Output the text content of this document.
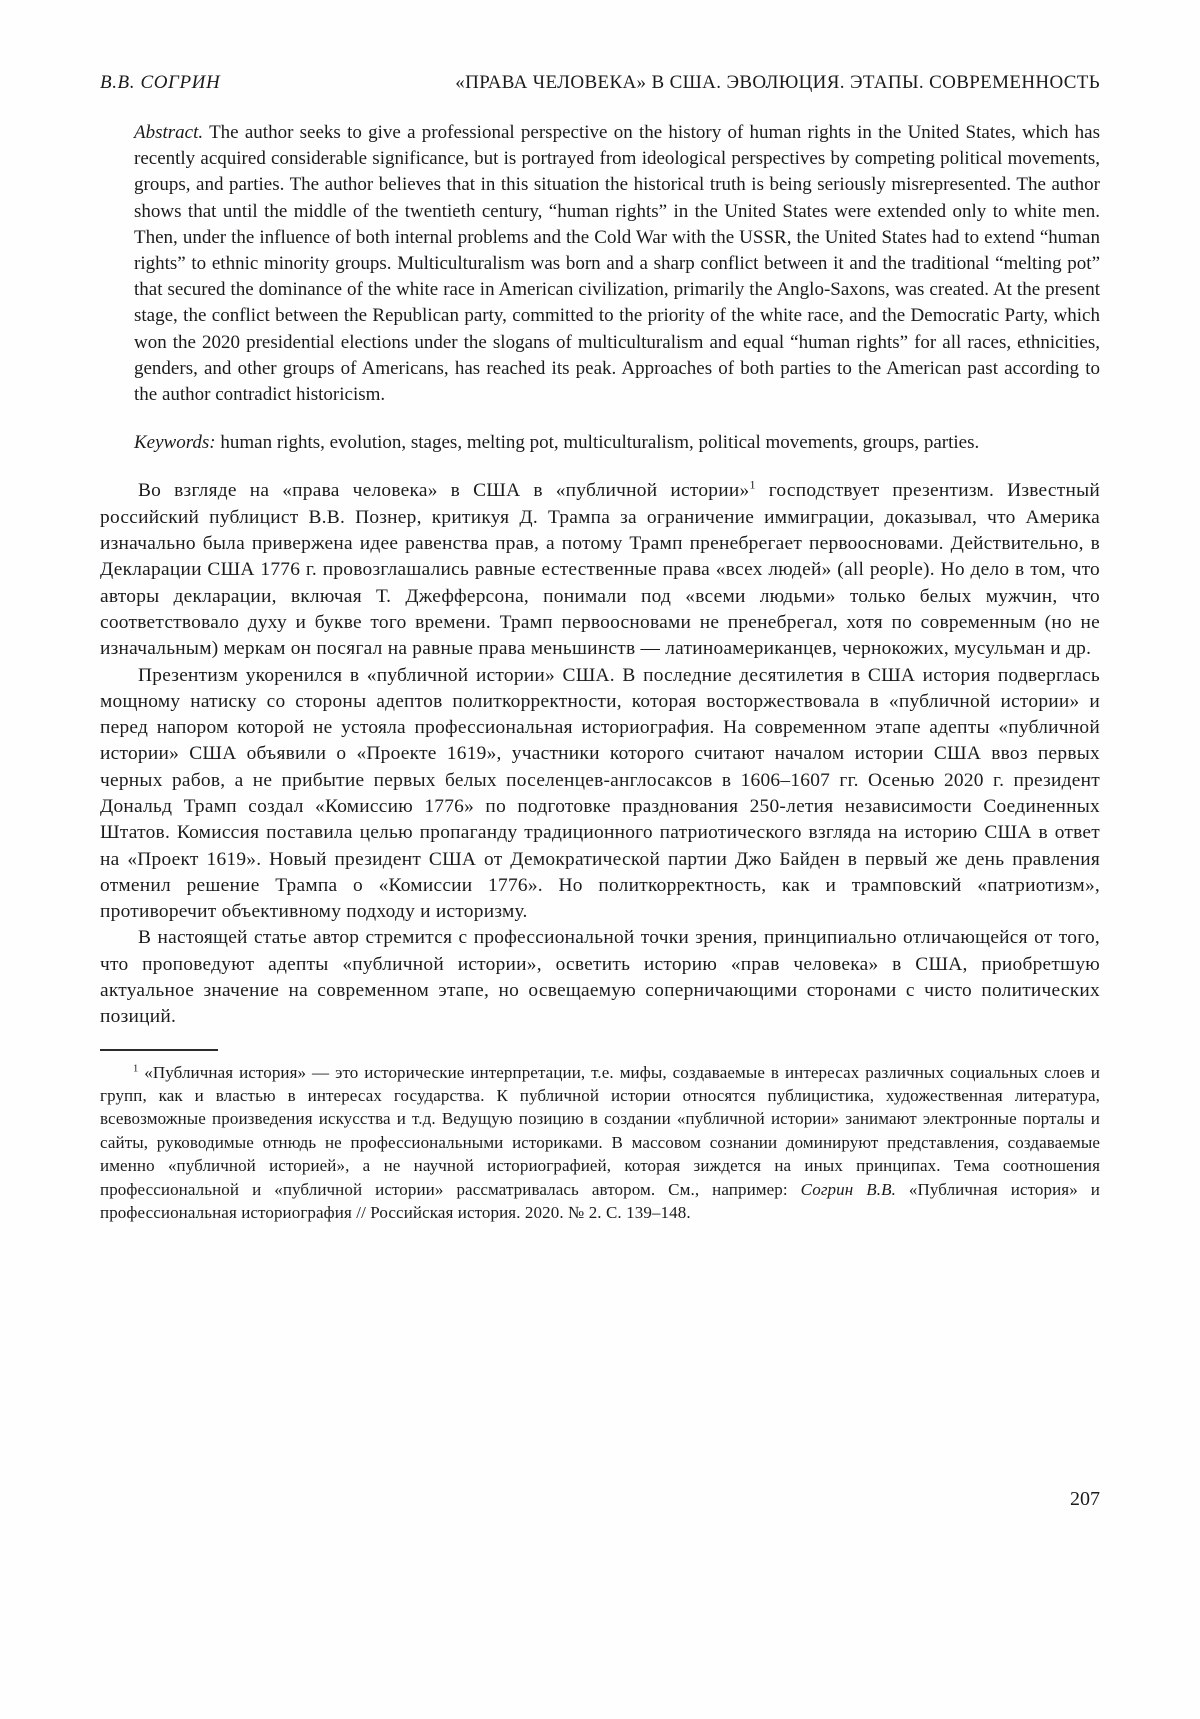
В.В. СОГРИН	«ПРАВА ЧЕЛОВЕКА» В США. ЭВОЛЮЦИЯ. ЭТАПЫ. СОВРЕМЕННОСТЬ

Abstract. The author seeks to give a professional perspective on the history of human rights in the United States, which has recently acquired considerable significance, but is portrayed from ideological perspectives by competing political movements, groups, and parties. The author believes that in this situation the historical truth is being seriously misrepresented. The author shows that until the middle of the twentieth century, “human rights” in the United States were extended only to white men. Then, under the influence of both internal problems and the Cold War with the USSR, the United States had to extend “human rights” to ethnic minority groups. Multiculturalism was born and a sharp conflict between it and the traditional “melting pot” that secured the dominance of the white race in American civilization, primarily the Anglo-Saxons, was created. At the present stage, the conflict between the Republican party, committed to the priority of the white race, and the Democratic Party, which won the 2020 presidential elections under the slogans of multiculturalism and equal “human rights” for all races, ethnicities, genders, and other groups of Americans, has reached its peak. Approaches of both parties to the American past according to the author contradict historicism.

Keywords: human rights, evolution, stages, melting pot, multiculturalism, political movements, groups, parties.

Во взгляде на «права человека» в США в «публичной истории»$^1$ господствует презентизм. Известный российский публицист В.В. Познер, критикуя Д. Трампа за ограничение иммиграции, доказывал, что Америка изначально была привержена идее равенства прав, а потому Трамп пренебрегает первоосновами. Действительно, в Декларации США 1776 г. провозглашались равные естественные права «всех людей» (all people). Но дело в том, что авторы декларации, включая Т. Джефферсона, понимали под «всеми людьми» только белых мужчин, что соответствовало духу и букве того времени. Трамп первоосновами не пренебрегал, хотя по современным (но не изначальным) меркам он посягал на равные права меньшинств — латиноамериканцев, чернокожих, мусульман и др.

Презентизм укоренился в «публичной истории» США. В последние десятилетия в США история подверглась мощному натиску со стороны адептов политкорректности, которая восторжествовала в «публичной истории» и перед напором которой не устояла профессиональная историография. На современном этапе адепты «публичной истории» США объявили о «Проекте 1619», участники которого считают началом истории США ввоз первых черных рабов, а не прибытие первых белых поселенцев-англосаксов в 1606–1607 гг. Осенью 2020 г. президент Дональд Трамп создал «Комиссию 1776» по подготовке празднования 250-летия независимости Соединенных Штатов. Комиссия поставила целью пропаганду традиционного патриотического взгляда на историю США в ответ на «Проект 1619». Новый президент США от Демократической партии Джо Байден в первый же день правления отменил решение Трампа о «Комиссии 1776». Но политкорректность, как и трамповский «патриотизм», противоречит объективному подходу и историзму.

В настоящей статье автор стремится с профессиональной точки зрения, принципиально отличающейся от того, что проповедуют адепты «публичной истории», осветить историю «прав человека» в США, приобретшую актуальное значение на современном этапе, но освещаемую соперничающими сторонами с чисто политических позиций.

$^1$ «Публичная история» — это исторические интерпретации, т.е. мифы, создаваемые в интересах различных социальных слоев и групп, как и властью в интересах государства. К публичной истории относятся публицистика, художественная литература, всевозможные произведения искусства и т.д. Ведущую позицию в создании «публичной истории» занимают электронные порталы и сайты, руководимые отнюдь не профессиональными историками. В массовом сознании доминируют представления, создаваемые именно «публичной историей», а не научной историографией, которая зиждется на иных принципах. Тема соотношения профессиональной и «публичной истории» рассматривалась автором. См., например: Согрин В.В. «Публичная история» и профессиональная историография // Российская история. 2020. № 2. С. 139–148.

207
